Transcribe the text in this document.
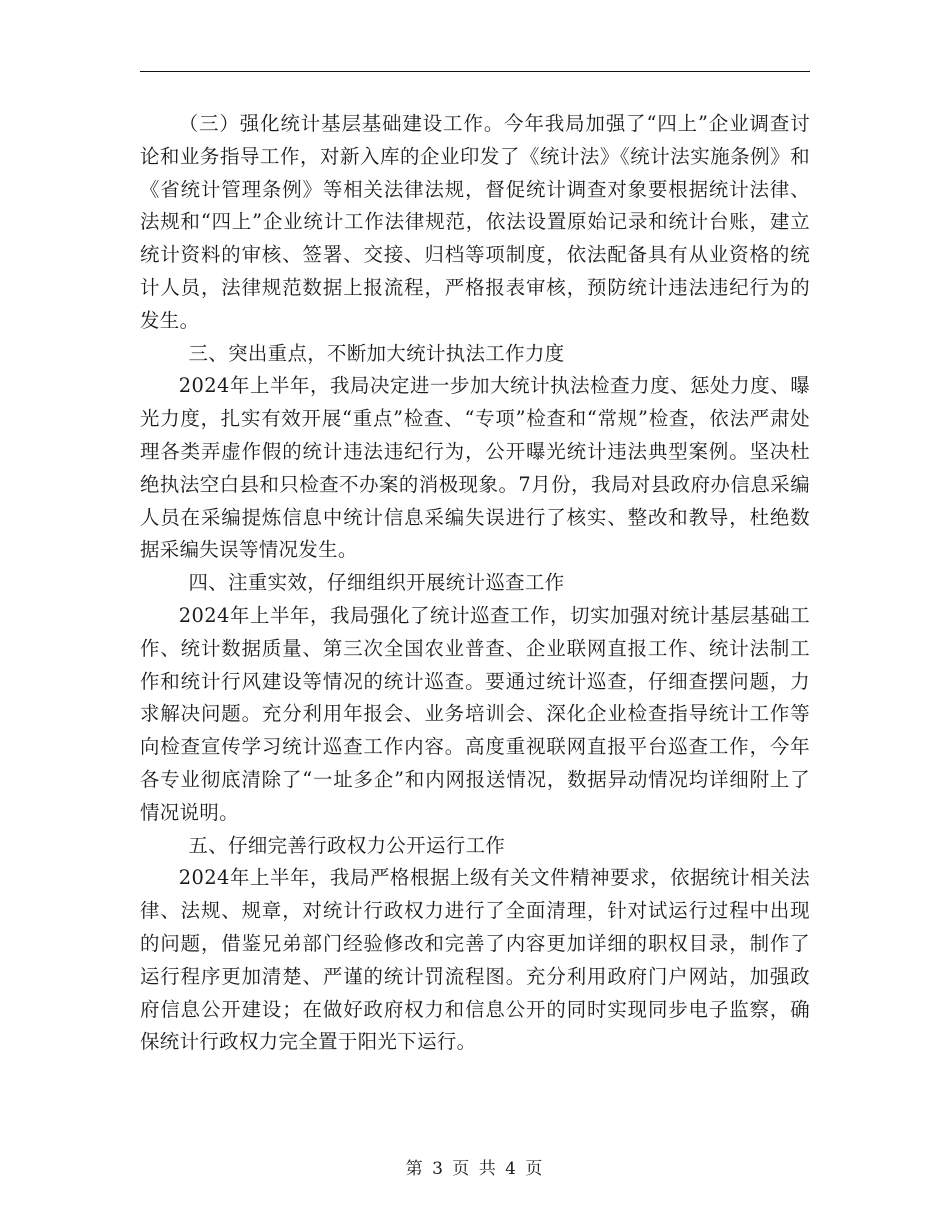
（三）强化统计基层基础建设工作。今年我局加强了“四上”企业调查讨论和业务指导工作，对新入库的企业印发了《统计法》《统计法实施条例》和《省统计管理条例》等相关法律法规，督促统计调查对象要根据统计法律、法规和“四上”企业统计工作法律规范，依法设置原始记录和统计台账，建立统计资料的审核、签署、交接、归档等项制度，依法配备具有从业资格的统计人员，法律规范数据上报流程，严格报表审核，预防统计违法违纪行为的发生。

三、突出重点，不断加大统计执法工作力度

2024年上半年，我局决定进一步加大统计执法检查力度、惩处力度、曝光力度，扎实有效开展“重点”检查、“专项”检查和“常规”检查，依法严肃处理各类弄虚作假的统计违法违纪行为，公开曝光统计违法典型案例。坚决杜绝执法空白县和只检查不办案的消极现象。7月份，我局对县政府办信息采编人员在采编提炼信息中统计信息采编失误进行了核实、整改和教导，杜绝数据采编失误等情况发生。

四、注重实效，仔细组织开展统计巡查工作

2024年上半年，我局强化了统计巡查工作，切实加强对统计基层基础工作、统计数据质量、第三次全国农业普查、企业联网直报工作、统计法制工作和统计行风建设等情况的统计巡查。要通过统计巡查，仔细查摆问题，力求解决问题。充分利用年报会、业务培训会、深化企业检查指导统计工作等向检查宣传学习统计巡查工作内容。高度重视联网直报平台巡查工作，今年各专业彻底清除了“一址多企”和内网报送情况，数据异动情况均详细附上了情况说明。

五、仔细完善行政权力公开运行工作

2024年上半年，我局严格根据上级有关文件精神要求，依据统计相关法律、法规、规章，对统计行政权力进行了全面清理，针对试运行过程中出现的问题，借鉴兄弟部门经验修改和完善了内容更加详细的职权目录，制作了运行程序更加清楚、严谨的统计罚流程图。充分利用政府门户网站，加强政府信息公开建设；在做好政府权力和信息公开的同时实现同步电子监察，确保统计行政权力完全置于阳光下运行。

第 3 页 共 4 页
